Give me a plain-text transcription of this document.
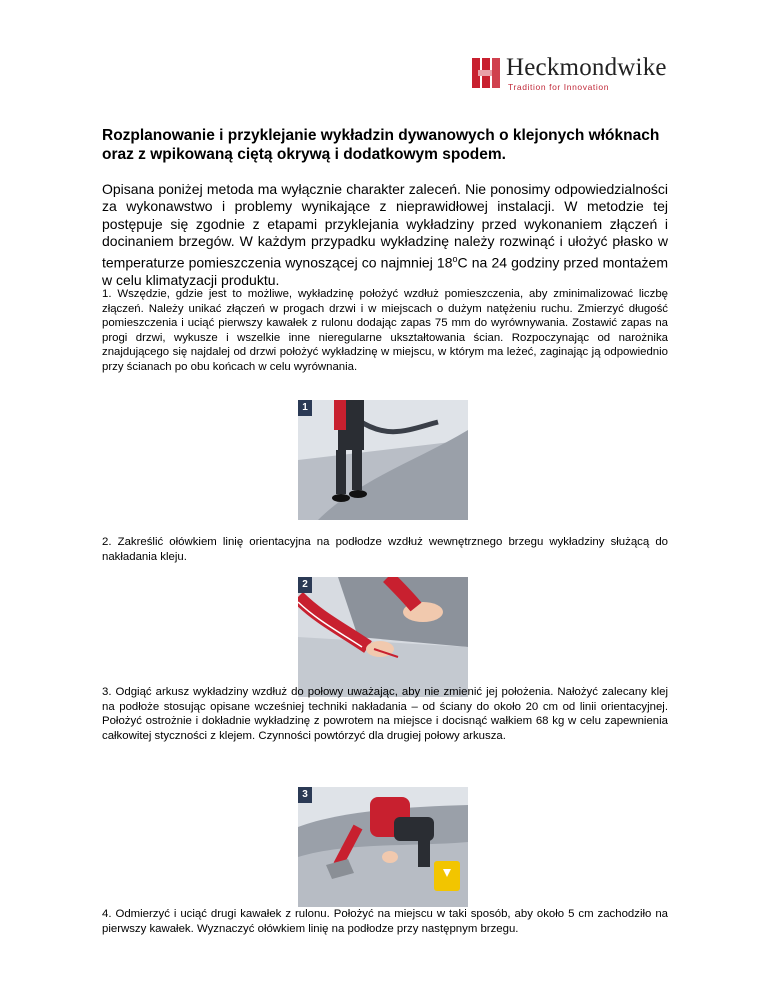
Heckmondwike
Tradition for Innovation
Rozplanowanie i przyklejanie wykładzin dywanowych o klejonych włóknach oraz z wpikowaną ciętą okrywą i dodatkowym spodem.
Opisana poniżej metoda ma wyłącznie charakter zaleceń. Nie ponosimy odpowiedzialności za wykonawstwo i problemy wynikające z nieprawidłowej instalacji. W metodzie tej postępuje się zgodnie z etapami przyklejania wykładziny przed wykonaniem złączeń i docinaniem brzegów. W każdym przypadku wykładzinę należy rozwinąć i ułożyć płasko w temperaturze pomieszczenia wynoszącej co najmniej 18$^o$C na 24 godziny przed montażem w celu klimatyzacji produktu.
1. Wszędzie, gdzie jest to możliwe, wykładzinę położyć wzdłuż pomieszczenia, aby zminimalizować liczbę złączeń. Należy unikać złączeń w progach drzwi i w miejscach o dużym natężeniu ruchu. Zmierzyć długość pomieszczenia i uciąć pierwszy kawałek z rulonu dodając zapas 75 mm do wyrównywania. Zostawić zapas na progi drzwi, wykusze i wszelkie inne nieregularne ukształtowania ścian. Rozpoczynając od narożnika znajdującego się najdalej od drzwi położyć wykładzinę w miejscu, w którym ma leżeć, zaginając ją odpowiednio przy ścianach po obu końcach w celu wyrównania.
1
2. Zakreślić ołówkiem linię orientacyjna na podłodze wzdłuż wewnętrznego brzegu wykładziny służącą do nakładania kleju.
2
3. Odgiąć arkusz wykładziny wzdłuż do połowy uważając, aby nie zmienić jej położenia. Nałożyć zalecany klej na podłoże stosując opisane wcześniej techniki nakładania – od ściany do około 20 cm od linii orientacyjnej. Położyć ostrożnie i dokładnie wykładzinę z powrotem na miejsce i docisnąć wałkiem 68 kg w celu zapewnienia całkowitej styczności z klejem. Czynności powtórzyć dla drugiej połowy arkusza.
3
4. Odmierzyć i uciąć drugi kawałek z rulonu. Położyć na miejscu w taki sposób, aby około 5 cm zachodziło na pierwszy kawałek. Wyznaczyć ołówkiem linię na podłodze przy następnym brzegu.
